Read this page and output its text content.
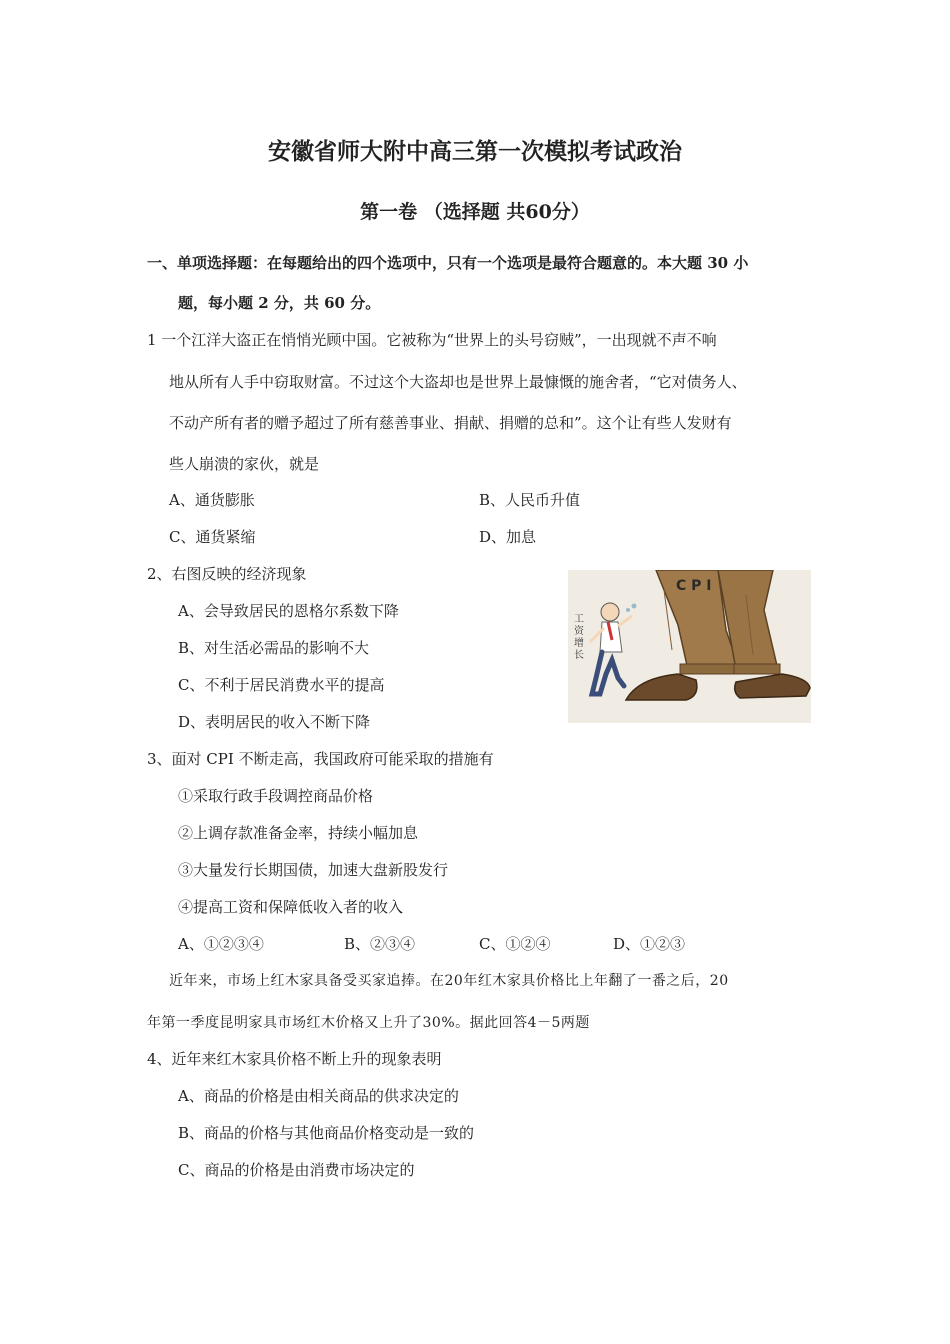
安徽省师大附中高三第一次模拟考试政治
第一卷 （选择题 共60分）
一、单项选择题：在每题给出的四个选项中，只有一个选项是最符合题意的。本大题 30 小
题，每小题 2 分，共 60 分。
1 一个江洋大盗正在悄悄光顾中国。它被称为“世界上的头号窃贼”，一出现就不声不响
地从所有人手中窃取财富。不过这个大盗却也是世界上最慷慨的施舍者，“它对债务人、
不动产所有者的赠予超过了所有慈善事业、捐献、捐赠的总和”。这个让有些人发财有
些人崩溃的家伙，就是
A、通货膨胀	B、人民币升值
C、通货紧缩	D、加息
2、右图反映的经济现象
A、会导致居民的恩格尔系数下降
B、对生活必需品的影响不大
C、不利于居民消费水平的提高
D、表明居民的收入不断下降
C P I
工
资
增
长
3、面对 CPI 不断走高，我国政府可能采取的措施有
①采取行政手段调控商品价格
②上调存款准备金率，持续小幅加息
③大量发行长期国债，加速大盘新股发行
④提高工资和保障低收入者的收入
A、①②③④	B、②③④	C、①②④	D、①②③
近年来，市场上红木家具备受买家追捧。在20年红木家具价格比上年翻了一番之后，20
年第一季度昆明家具市场红木价格又上升了30%。据此回答4－5两题
4、近年来红木家具价格不断上升的现象表明
A、商品的价格是由相关商品的供求决定的
B、商品的价格与其他商品价格变动是一致的
C、商品的价格是由消费市场决定的
